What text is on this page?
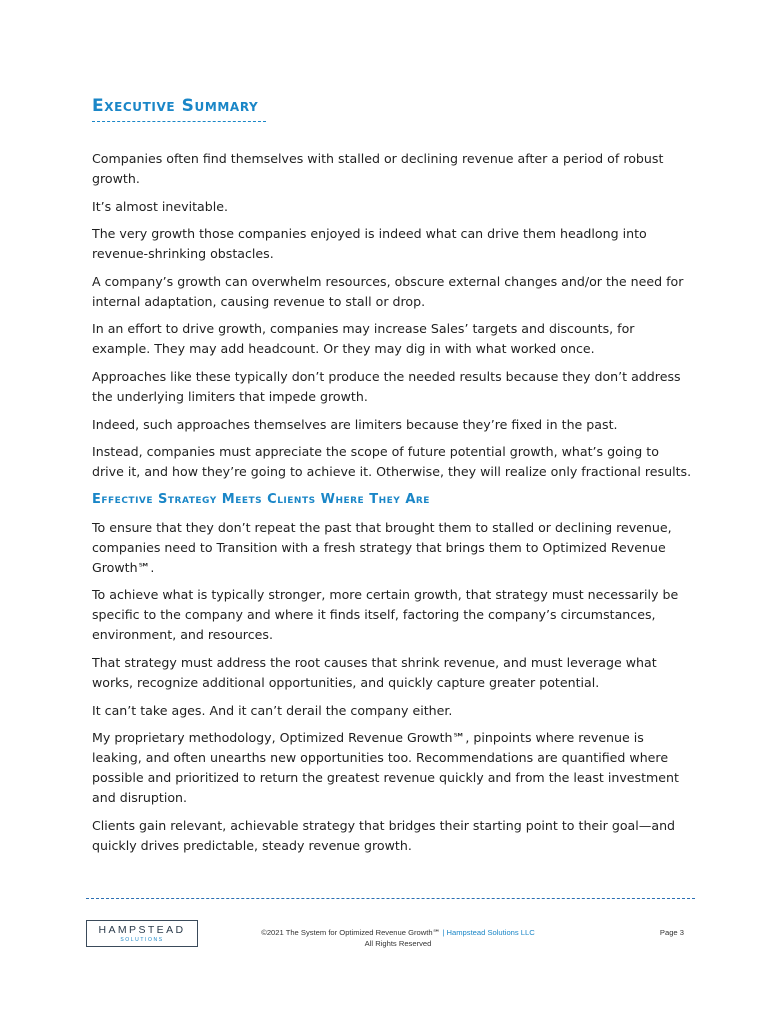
Executive Summary

Companies often find themselves with stalled or declining revenue after a period of robust growth.

It’s almost inevitable.

The very growth those companies enjoyed is indeed what can drive them headlong into revenue-shrinking obstacles.

A company’s growth can overwhelm resources, obscure external changes and/or the need for internal adaptation, causing revenue to stall or drop.

In an effort to drive growth, companies may increase Sales’ targets and discounts, for example. They may add headcount. Or they may dig in with what worked once.

Approaches like these typically don’t produce the needed results because they don’t address the underlying limiters that impede growth.

Indeed, such approaches themselves are limiters because they’re fixed in the past.

Instead, companies must appreciate the scope of future potential growth, what’s going to drive it, and how they’re going to achieve it. Otherwise, they will realize only fractional results.

Effective Strategy Meets Clients Where They Are

To ensure that they don’t repeat the past that brought them to stalled or declining revenue, companies need to Transition with a fresh strategy that brings them to Optimized Revenue Growth℠.

To achieve what is typically stronger, more certain growth, that strategy must necessarily be specific to the company and where it finds itself, factoring the company’s circumstances, environment, and resources.

That strategy must address the root causes that shrink revenue, and must leverage what works, recognize additional opportunities, and quickly capture greater potential.

It can’t take ages. And it can’t derail the company either.

My proprietary methodology, Optimized Revenue Growth℠, pinpoints where revenue is leaking, and often unearths new opportunities too. Recommendations are quantified where possible and prioritized to return the greatest revenue quickly and from the least investment and disruption.

Clients gain relevant, achievable strategy that bridges their starting point to their goal—and quickly drives predictable, steady revenue growth.

HAMPSTEAD
SOLUTIONS
©2021 The System for Optimized Revenue Growth℠ | Hampstead Solutions LLC
All Rights Reserved
Page 3
